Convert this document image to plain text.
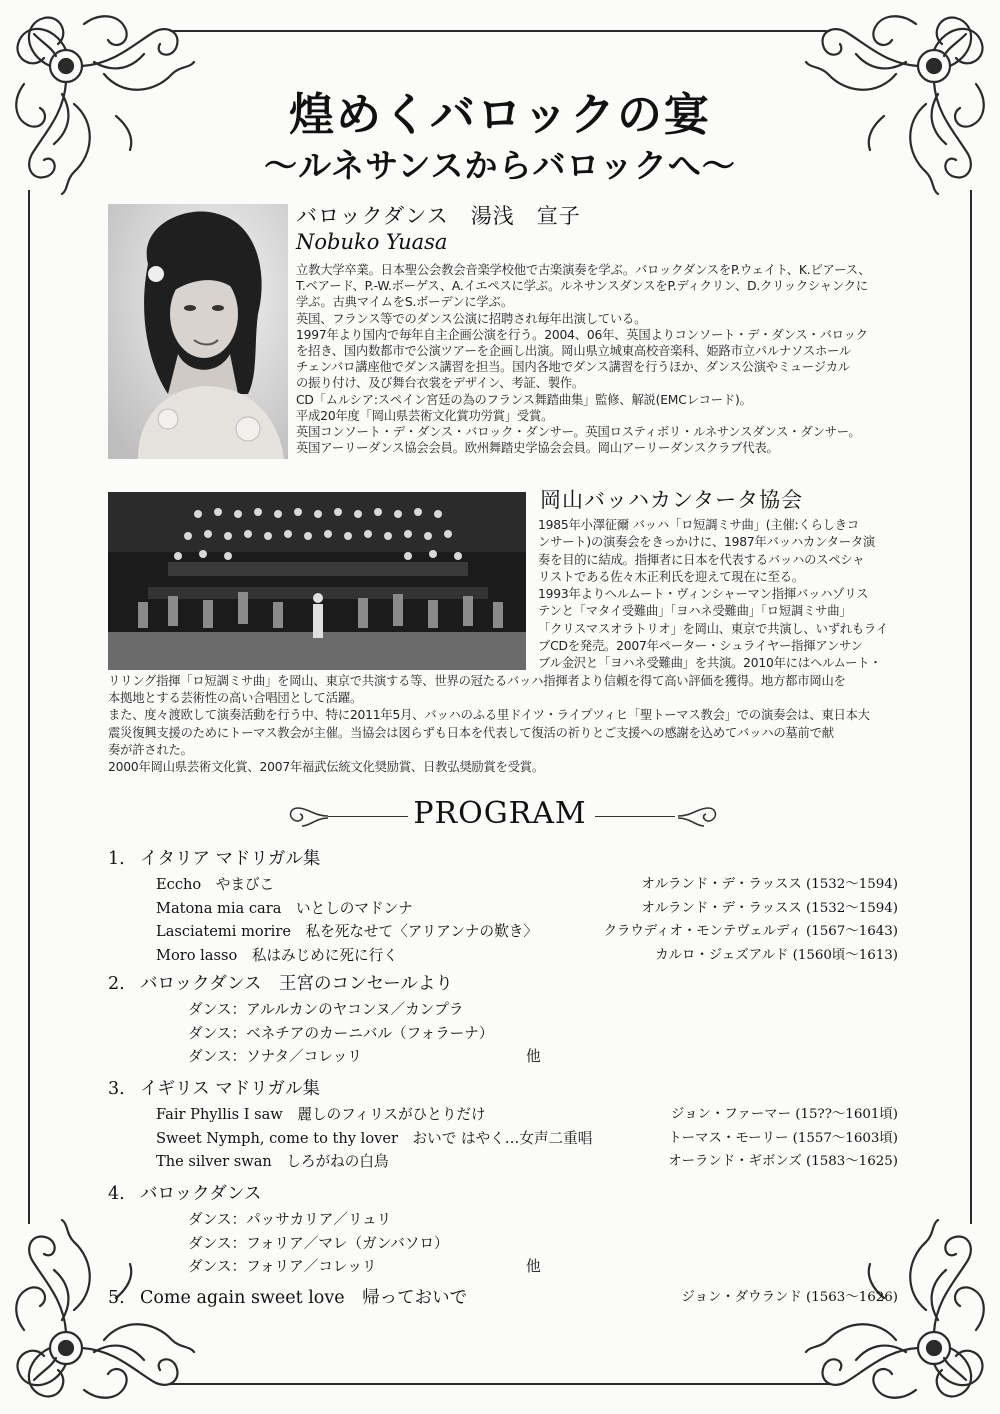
煌めくバロックの宴
〜ルネサンスからバロックへ〜
バロックダンス　湯浅　宣子
Nobuko Yuasa
立教大学卒業。日本聖公会教会音楽学校他で古楽演奏を学ぶ。バロックダンスをP.ウェイト、K.ピアース、
T.ベアード、P.-W.ボーゲス、A.イエペスに学ぶ。ルネサンスダンスをP.ディクリン、D.クリックシャンクに
学ぶ。古典マイムをS.ボーデンに学ぶ。
英国、フランス等でのダンス公演に招聘され毎年出演している。
1997年より国内で毎年自主企画公演を行う。2004、06年、英国よりコンソート・デ・ダンス・バロック
を招き、国内数都市で公演ツアーを企画し出演。岡山県立城東高校音楽科、姫路市立パルナソスホール
チェンバロ講座他でダンス講習を担当。国内各地でダンス講習を行うほか、ダンス公演やミュージカル
の振り付け、及び舞台衣裳をデザイン、考証、製作。
CD「ムルシア:スペイン宮廷の為のフランス舞踏曲集」監修、解説(EMCレコード)。
平成20年度「岡山県芸術文化賞功労賞」受賞。
英国コンソート・デ・ダンス・バロック・ダンサー。英国ロスティボリ・ルネサンスダンス・ダンサー。
英国アーリーダンス協会会員。欧州舞踏史学協会会員。岡山アーリーダンスクラブ代表。
岡山バッハカンタータ協会
1985年小澤征爾 バッハ「ロ短調ミサ曲」(主催:くらしきコ
ンサート)の演奏会をきっかけに、1987年バッハカンタータ演
奏を目的に結成。指揮者に日本を代表するバッハのスペシャ
リストである佐々木正利氏を迎えて現在に至る。
1993年よりヘルムート・ヴィンシャーマン指揮バッハゾリス
テンと「マタイ受難曲」「ヨハネ受難曲」「ロ短調ミサ曲」
「クリスマスオラトリオ」を岡山、東京で共演し、いずれもライ
ブCDを発売。2007年ペーター・シュライヤー指揮アンサン
ブル金沢と「ヨハネ受難曲」を共演。2010年にはヘルムート・
リリング指揮「ロ短調ミサ曲」を岡山、東京で共演する等、世界の冠たるバッハ指揮者より信頼を得て高い評価を獲得。地方都市岡山を
本拠地とする芸術性の高い合唱団として活躍。
また、度々渡欧して演奏活動を行う中、特に2011年5月、バッハのふる里ドイツ・ライプツィヒ「聖トーマス教会」での演奏会は、東日本大
震災復興支援のためにトーマス教会が主催。当協会は図らずも日本を代表して復活の祈りとご支援への感謝を込めてバッハの墓前で献
奏が許された。
2000年岡山県芸術文化賞、2007年福武伝統文化奨励賞、日教弘奨励賞を受賞。
PROGRAM
1. イタリア マドリガル集
Eccho　やまびこ	オルランド・デ・ラッスス (1532〜1594)
Matona mia cara　いとしのマドンナ	オルランド・デ・ラッスス (1532〜1594)
Lasciatemi morire　私を死なせて〈アリアンナの歎き〉	クラウディオ・モンテヴェルディ (1567〜1643)
Moro lasso　私はみじめに死に行く	カルロ・ジェズアルド (1560頃〜1613)
2. バロックダンス　王宮のコンセールより
ダンス：アルルカンのヤコンヌ／カンプラ
ダンス：ベネチアのカーニバル（フォラーナ）
ダンス：ソナタ／コレッリ	他
3. イギリス マドリガル集
Fair Phyllis I saw　麗しのフィリスがひとりだけ	ジョン・ファーマー (15??〜1601頃)
Sweet Nymph, come to thy lover　おいで はやく…女声二重唱	トーマス・モーリー (1557〜1603頃)
The silver swan　しろがねの白鳥	オーランド・ギボンズ (1583〜1625)
4. バロックダンス
ダンス：パッサカリア／リュリ
ダンス：フォリア／マレ（ガンバソロ）
ダンス：フォリア／コレッリ	他
5. Come again sweet love　帰っておいで	ジョン・ダウランド (1563〜1626)
